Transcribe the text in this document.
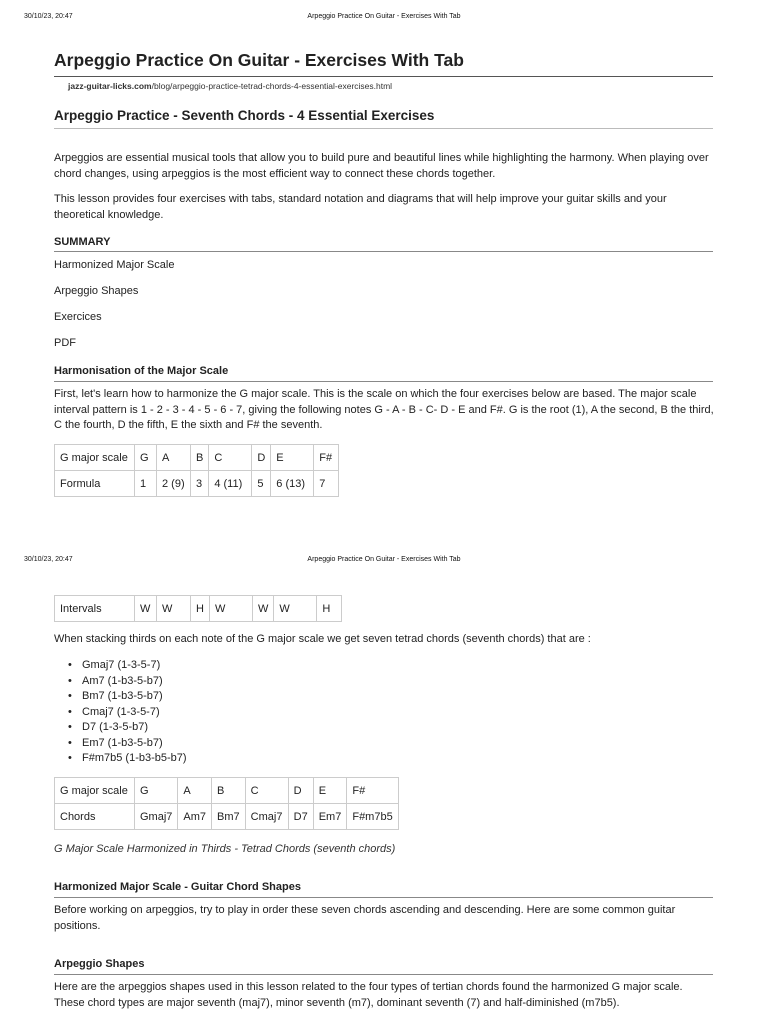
30/10/23, 20:47	Arpeggio Practice On Guitar - Exercises With Tab
Arpeggio Practice On Guitar - Exercises With Tab
jazz-guitar-licks.com/blog/arpeggio-practice-tetrad-chords-4-essential-exercises.html
Arpeggio Practice - Seventh Chords - 4 Essential Exercises
Arpeggios are essential musical tools that allow you to build pure and beautiful lines while highlighting the harmony. When playing over chord changes, using arpeggios is the most efficient way to connect these chords together.
This lesson provides four exercises with tabs, standard notation and diagrams that will help improve your guitar skills and your theoretical knowledge.
SUMMARY
Harmonized Major Scale
Arpeggio Shapes
Exercices
PDF
Harmonisation of the Major Scale
First, let's learn how to harmonize the G major scale. This is the scale on which the four exercises below are based. The major scale interval pattern is 1 - 2 - 3 - 4 - 5 - 6 - 7, giving the following notes G - A - B - C- D - E and F#. G is the root (1), A the second, B the third, C the fourth, D the fifth, E the sixth and F# the seventh.
G major scale	G	A	B	C	D	E	F#
Formula	1	2 (9)	3	4 (11)	5	6 (13)	7
30/10/23, 20:47	Arpeggio Practice On Guitar - Exercises With Tab
Intervals	W	W	H	W	W	W	H
When stacking thirds on each note of the G major scale we get seven tetrad chords (seventh chords) that are :
• Gmaj7 (1-3-5-7)
• Am7 (1-b3-5-b7)
• Bm7 (1-b3-5-b7)
• Cmaj7 (1-3-5-7)
• D7 (1-3-5-b7)
• Em7 (1-b3-5-b7)
• F#m7b5 (1-b3-b5-b7)
G major scale	G	A	B	C	D	E	F#
Chords	Gmaj7	Am7	Bm7	Cmaj7	D7	Em7	F#m7b5
G Major Scale Harmonized in Thirds - Tetrad Chords (seventh chords)
Harmonized Major Scale - Guitar Chord Shapes
Before working on arpeggios, try to play in order these seven chords ascending and descending. Here are some common guitar positions.
Arpeggio Shapes
Here are the arpeggios shapes used in this lesson related to the four types of tertian chords found the harmonized G major scale. These chord types are major seventh (maj7), minor seventh (m7), dominant seventh (7) and half-diminished (m7b5).
